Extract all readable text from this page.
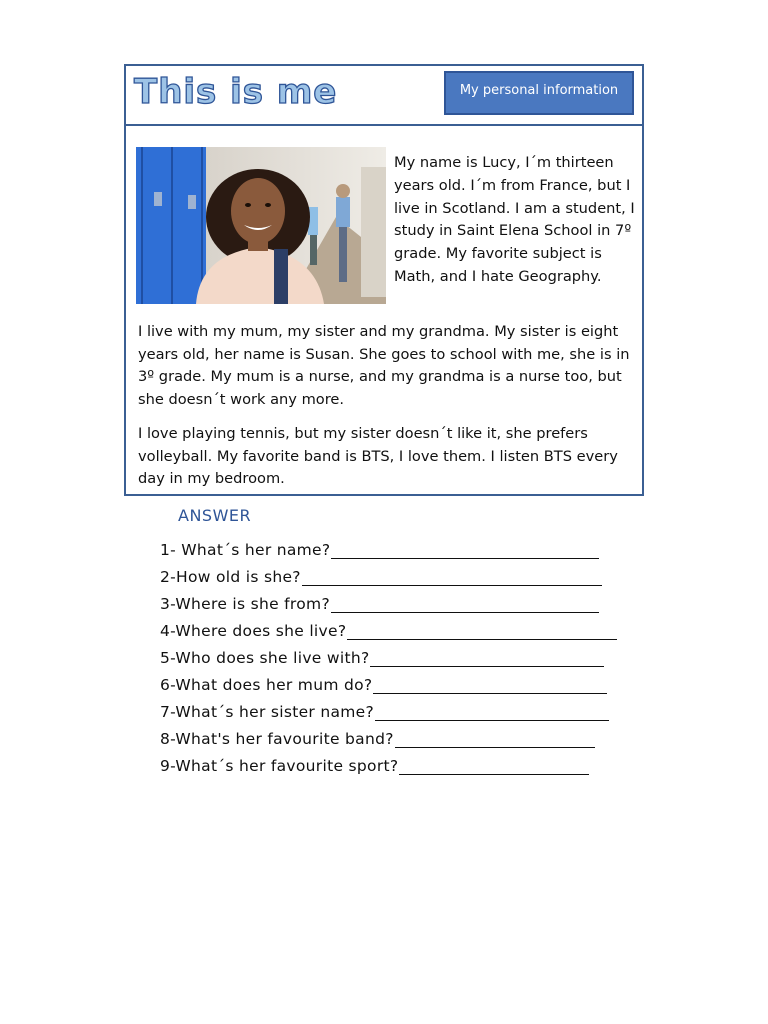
This is me	My personal information

My name is Lucy, I´m thirteen years old. I´m from France, but I live in Scotland. I am a student, I study in Saint Elena School in 7º grade. My favorite subject is Math, and I hate Geography.

I live with my mum, my sister and my grandma. My sister is eight years old, her name is Susan. She goes to school with me, she is in 3º grade. My mum is a nurse, and my grandma is a nurse too, but she doesn´t work any more.

I love playing tennis, but my sister doesn´t like it, she prefers volleyball. My favorite band is BTS, I love them. I listen BTS every day in my bedroom.

ANSWER
1- What´s her name?
2-How old is she?
3-Where is she from?
4-Where does she live?
5-Who does she live with?
6-What does her mum do?
7-What´s her sister name?
8-What's her favourite band?
9-What´s her favourite sport?
